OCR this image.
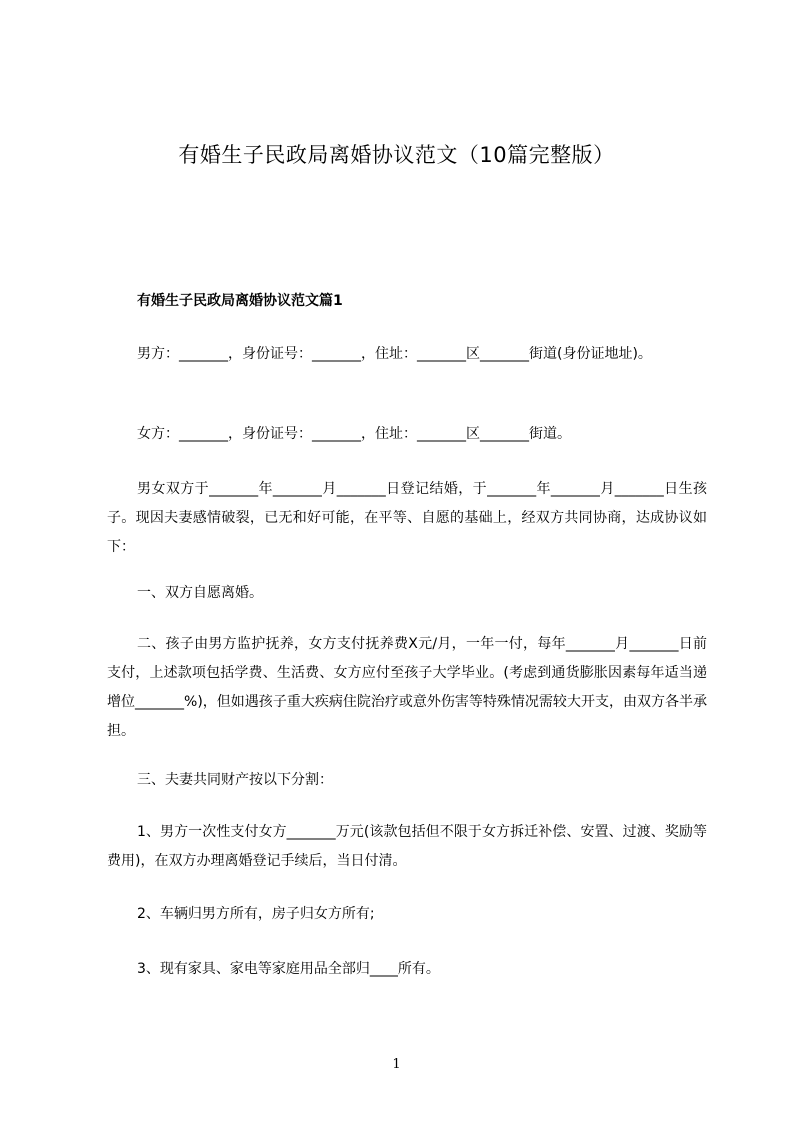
有婚生子民政局离婚协议范文（10篇完整版）
有婚生子民政局离婚协议范文篇1
男方：_______，身份证号：_______，住址：_______区_______街道(身份证地址)。
女方：_______，身份证号：_______，住址：_______区_______街道。
男女双方于_______年_______月_______日登记结婚，于_______年_______月_______日生孩子。现因夫妻感情破裂，已无和好可能，在平等、自愿的基础上，经双方共同协商，达成协议如下：
一、双方自愿离婚。
二、孩子由男方监护抚养，女方支付抚养费X元/月，一年一付，每年_______月_______日前支付，上述款项包括学费、生活费、女方应付至孩子大学毕业。(考虑到通货膨胀因素每年适当递增位_______%)，但如遇孩子重大疾病住院治疗或意外伤害等特殊情况需较大开支，由双方各半承担。
三、夫妻共同财产按以下分割：
1、男方一次性支付女方_______万元(该款包括但不限于女方拆迁补偿、安置、过渡、奖励等费用)，在双方办理离婚登记手续后，当日付清。
2、车辆归男方所有，房子归女方所有;
3、现有家具、家电等家庭用品全部归____所有。
1
